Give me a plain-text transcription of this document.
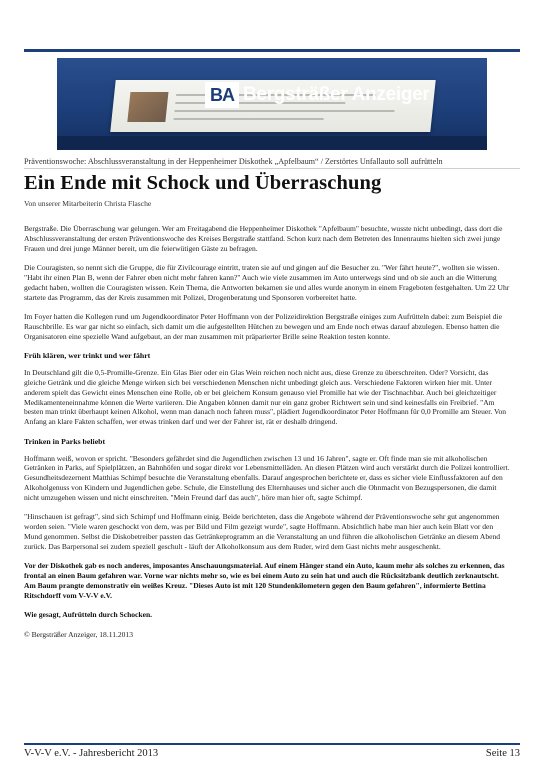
BA Bergsträßer Anzeiger
Präventionswoche: Abschlussveranstaltung in der Heppenheimer Diskothek „Apfelbaum“ / Zerstörtes Unfallauto soll aufrütteln
Ein Ende mit Schock und Überraschung
Von unserer Mitarbeiterin Christa Flasche

Bergstraße. Die Überraschung war gelungen. Wer am Freitagabend die Heppenheimer Diskothek "Apfelbaum" besuchte, wusste nicht unbedingt, dass dort die Abschlussveranstaltung der ersten Präventionswoche des Kreises Bergstraße stattfand. Schon kurz nach dem Betreten des Innenraums hielten sich zwei junge Frauen und drei junge Männer bereit, um die feierwütigen Gäste zu befragen.

Die Couragisten, so nennt sich die Gruppe, die für Zivilcourage eintritt, traten sie auf und gingen auf die Besucher zu. "Wer fährt heute?", wollten sie wissen. "Habt ihr einen Plan B, wenn der Fahrer eben nicht mehr fahren kann?" Auch wie viele zusammen im Auto unterwegs sind und ob sie auch an die Witterung gedacht haben, wollten die Couragisten wissen. Kein Thema, die Antworten bekamen sie und alles wurde anonym in einem Frageboten festgehalten. Um 22 Uhr startete das Programm, das der Kreis zusammen mit Polizei, Drogenberatung und Sponsoren vorbereitet hatte.

Im Foyer hatten die Kollegen rund um Jugendkoordinator Peter Hoffmann von der Polizeidirektion Bergstraße einiges zum Aufrütteln dabei: zum Beispiel die Rauschbrille. Es war gar nicht so einfach, sich damit um die aufgestellten Hütchen zu bewegen und am Ende noch etwas darauf abzulegen. Ebenso hatten die Organisatoren eine spezielle Wand aufgebaut, an der man zusammen mit präparierter Brille seine Reaktion testen konnte.

Früh klären, wer trinkt und wer fährt

In Deutschland gilt die 0,5-Promille-Grenze. Ein Glas Bier oder ein Glas Wein reichen noch nicht aus, diese Grenze zu überschreiten. Oder? Vorsicht, das gleiche Getränk und die gleiche Menge wirken sich bei verschiedenen Menschen nicht unbedingt gleich aus. Verschiedene Faktoren wirken hier mit. Unter anderem spielt das Gewicht eines Menschen eine Rolle, ob er bei gleichem Konsum genauso viel Promille hat wie der Tischnachbar. Auch bei gleichzeitiger Medikamenteneinnahme können die Werte variieren. Die Angaben können damit nur ein ganz grober Richtwert sein und sind keinesfalls ein Freibrief. "Am besten man trinkt überhaupt keinen Alkohol, wenn man danach noch fahren muss", plädiert Jugendkoordinator Peter Hoffmann für 0,0 Promille am Steuer. Von Anfang an klare Fakten schaffen, wer etwas trinken darf und wer der Fahrer ist, rät er deshalb dringend.

Trinken in Parks beliebt

Hoffmann weiß, wovon er spricht. "Besonders gefährdet sind die Jugendlichen zwischen 13 und 16 Jahren", sagte er. Oft finde man sie mit alkoholischen Getränken in Parks, auf Spielplätzen, an Bahnhöfen und sogar direkt vor Lebensmittelläden. An diesen Plätzen wird auch verstärkt durch die Polizei kontrolliert. Gesundheitsdezernent Matthias Schimpf besuchte die Veranstaltung ebenfalls. Darauf angesprochen berichtete er, dass es sicher viele Einflussfaktoren auf den Alkoholgenuss von Kindern und Jugendlichen gebe. Schule, die Einstellung des Elternhauses und sicher auch die Ohnmacht von Bezugspersonen, die damit nicht umzugehen wissen und nicht einschreiten. "Mein Freund darf das auch", höre man hier oft, sagte Schimpf.

"Hinschauen ist gefragt", sind sich Schimpf und Hoffmann einig. Beide berichteten, dass die Angebote während der Präventionswoche sehr gut angenommen worden seien. "Viele waren geschockt von dem, was per Bild und Film gezeigt wurde", sagte Hoffmann. Absichtlich habe man hier auch kein Blatt vor den Mund genommen. Selbst die Diskobetreiber passten das Getränkeprogramm an die Veranstaltung an und führen die alkoholischen Getränke an diesem Abend zurück. Das Barpersonal sei zudem speziell geschult - läuft der Alkoholkonsum aus dem Ruder, wird dem Gast nichts mehr ausgeschenkt.

Vor der Diskothek gab es noch anderes, imposantes Anschauungsmaterial. Auf einem Hänger stand ein Auto, kaum mehr als solches zu erkennen, das frontal an einen Baum gefahren war. Vorne war nichts mehr so, wie es bei einem Auto zu sein hat und auch die Rücksitzbank deutlich zerknautscht. Am Baum prangte demonstrativ ein weißes Kreuz. "Dieses Auto ist mit 120 Stundenkilometern gegen den Baum gefahren", informierte Bettina Ritschdorff vom V-V-V e.V.

Wie gesagt, Aufrütteln durch Schocken.

© Bergsträßer Anzeiger, 18.11.2013

V-V-V e.V. - Jahresbericht 2013	Seite 13
